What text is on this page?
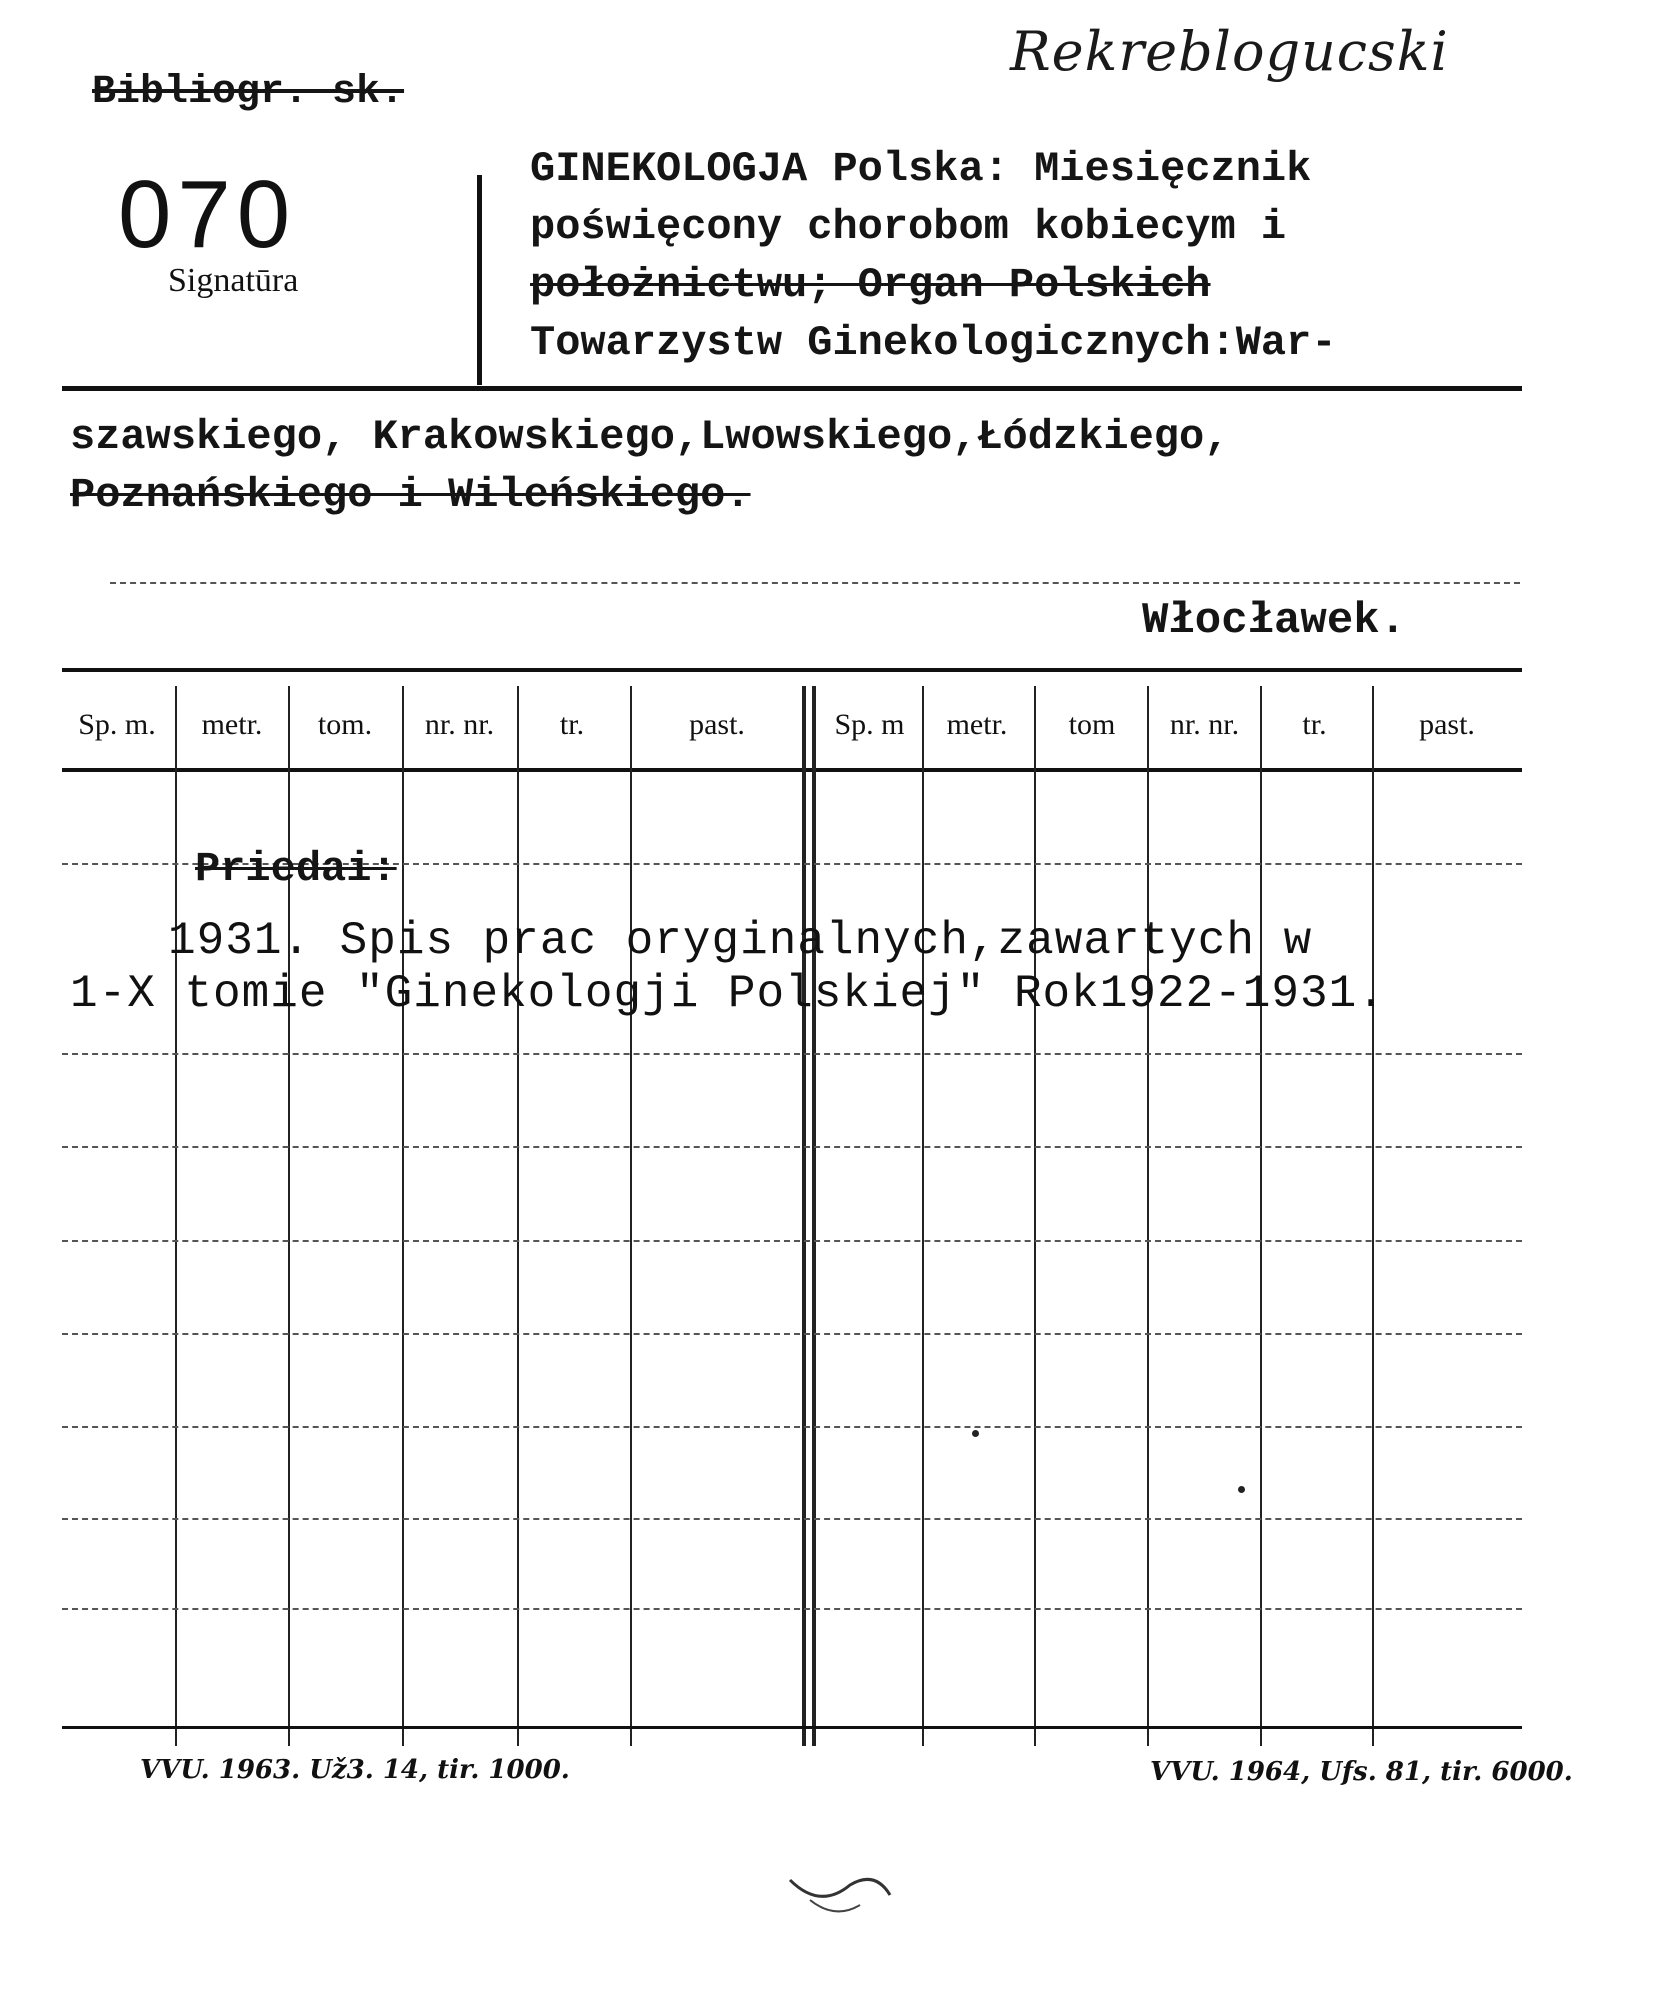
Rekreblogucski
Bibliogr. sk.
070
Signatūra
GINEKOLOGJA Polska: Miesięcznik
poświęcony chorobom kobiecym i
położnictwu; Organ Polskich
Towarzystw Ginekologicznych:War-
szawskiego, Krakowskiego,Lwowskiego,Łódzkiego,
Poznańskiego i Wileńskiego.
Włocławek.
Sp. m.	metr.	tom.	nr. nr.	tr.	past.	Sp. m	metr.	tom	nr. nr.	tr.	past.
Priedai:
1931. Spis prac oryginalnych,zawartych w
1-X tomie "Ginekologji Polskiej" Rok1922-1931.
VVU. 1963. Už3. 14, tir. 1000.	VVU. 1964, Ufs. 81, tir. 6000.
